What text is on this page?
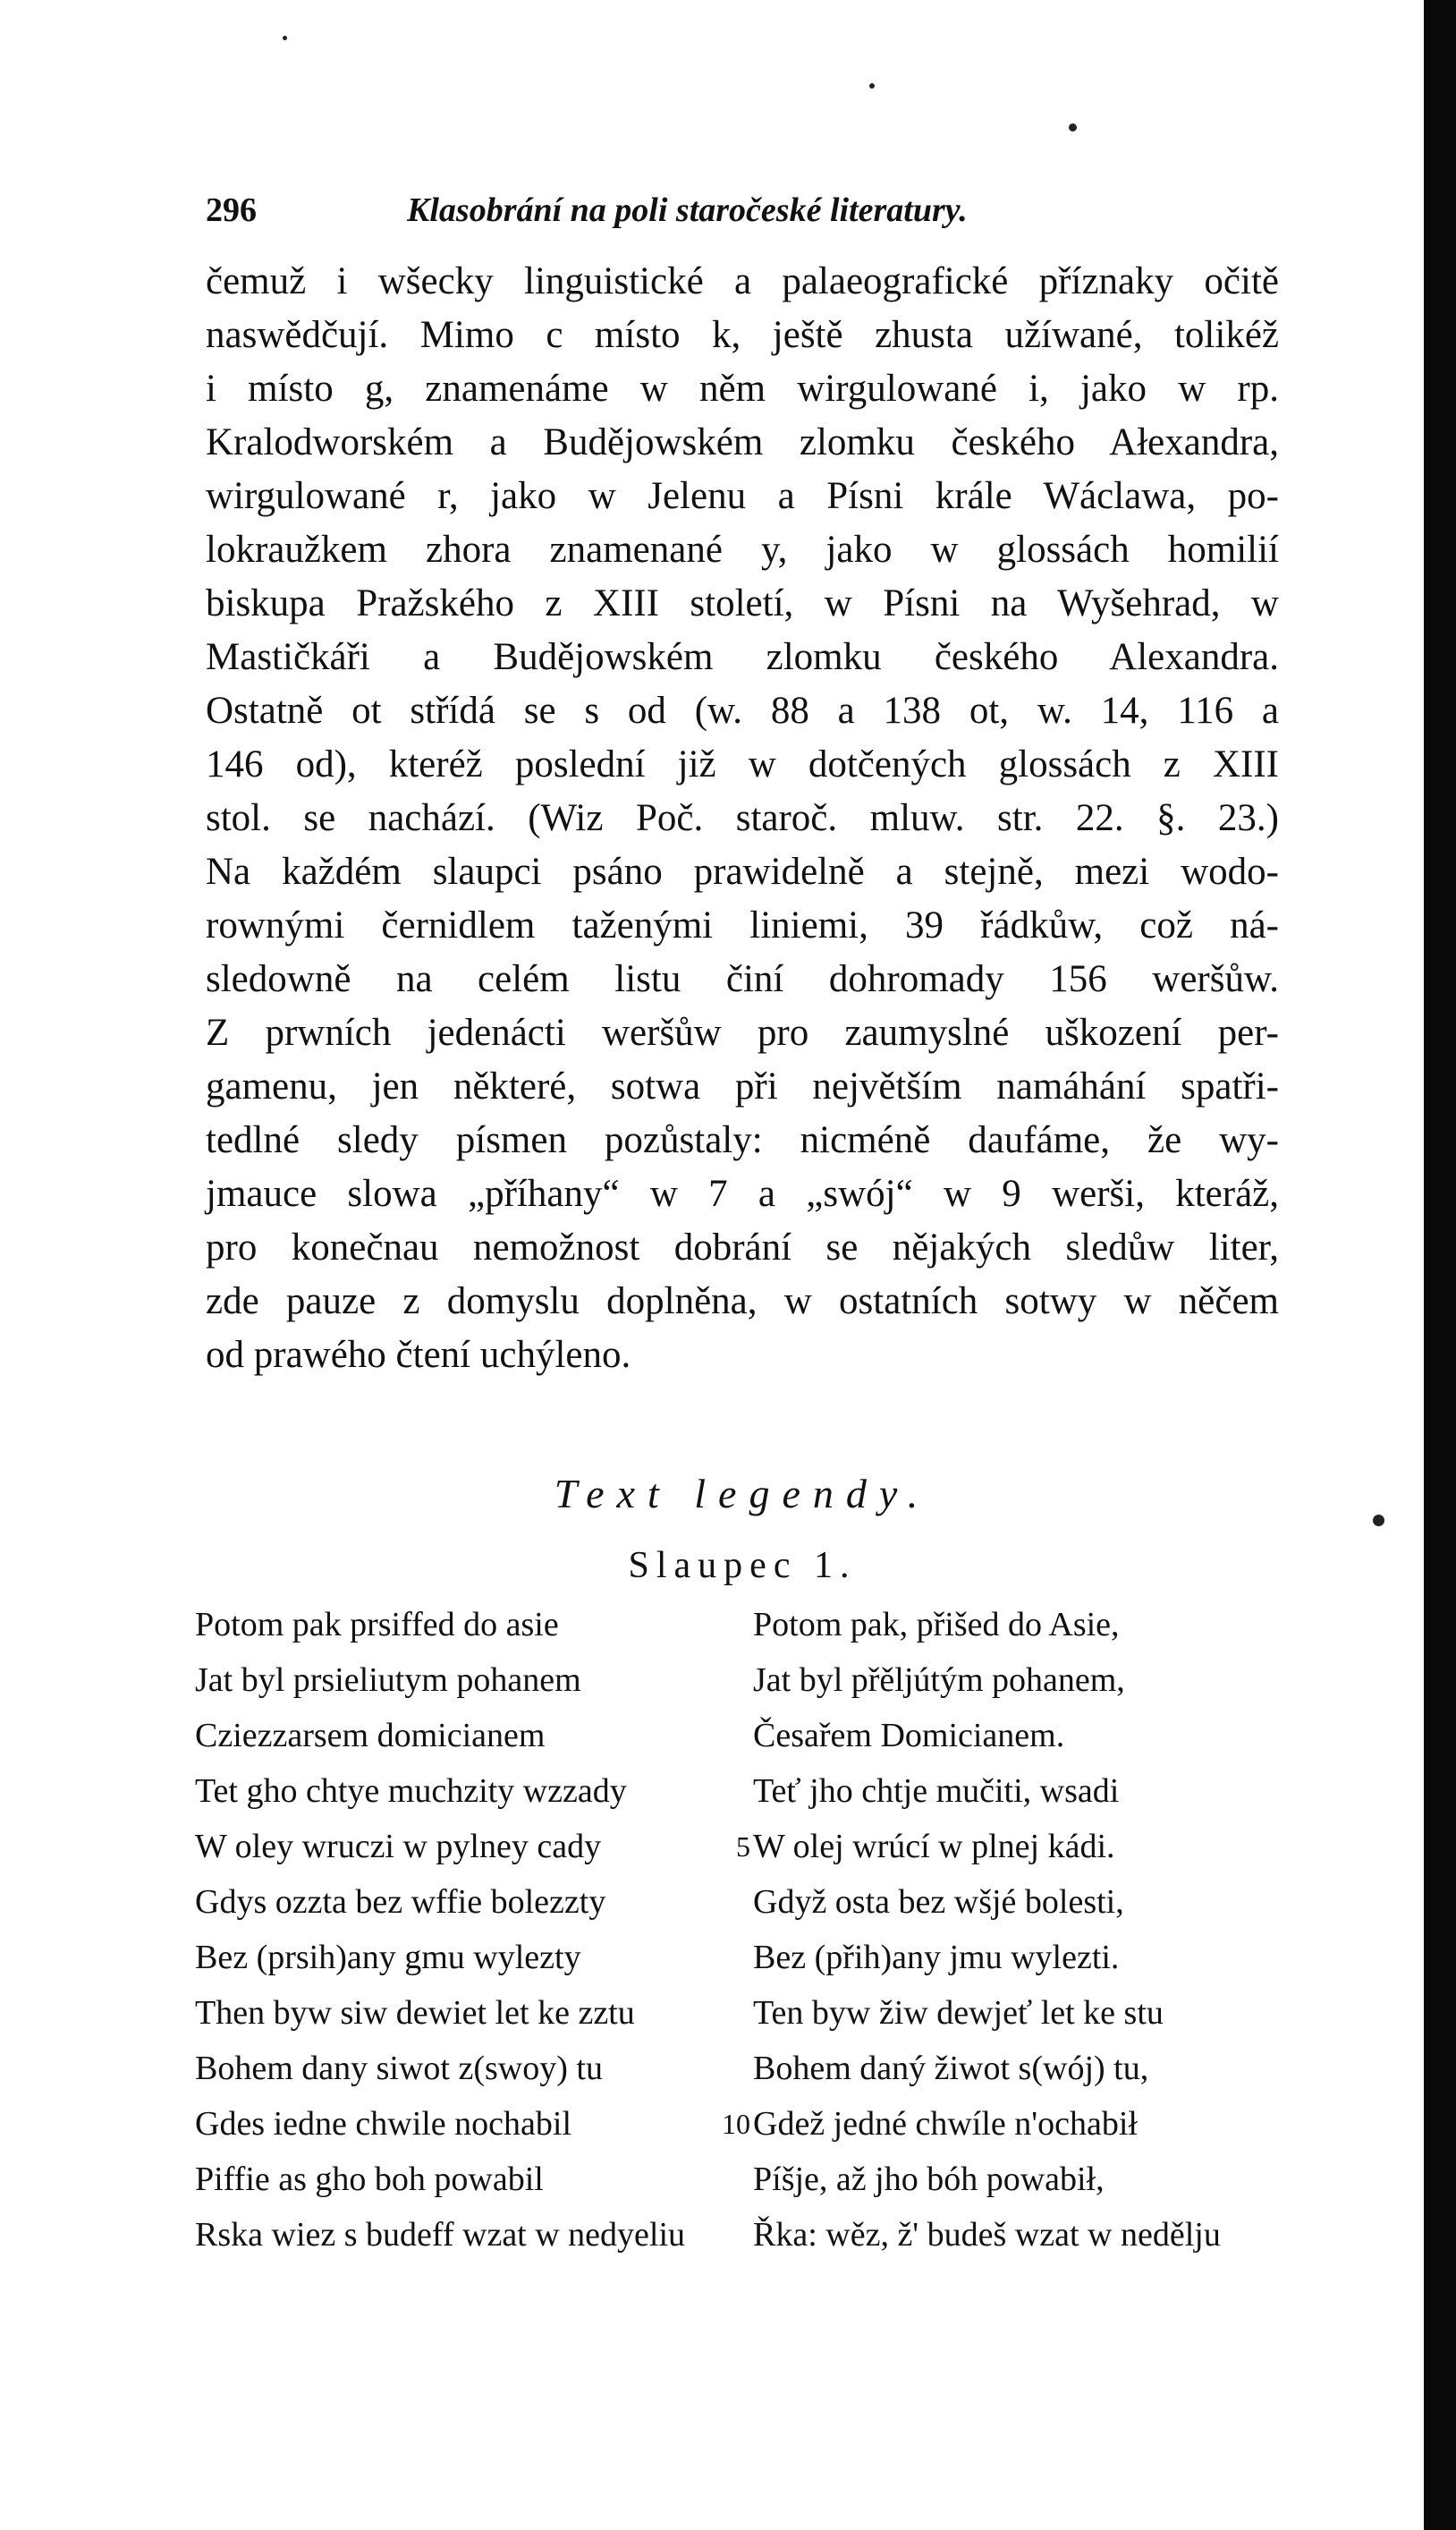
296	Klasobrání na poli staročeské literatury.
čemuž i wšecky linguistické a palaeografické příznaky očitě
naswědčují. Mimo c místo k, ještě zhusta užíwané, tolikéž
i místo g, znamenáme w něm wirgulowané i, jako w rp.
Kralodworském a Budějowském zlomku českého Ałexandra,
wirgulowané r, jako w Jelenu a Písni krále Wáclawa, po-
lokraužkem zhora znamenané y, jako w glossách homilií
biskupa Pražského z XIII století, w Písni na Wyšehrad, w
Mastičkáři a Budějowském zlomku českého Alexandra.
Ostatně ot střídá se s od (w. 88 a 138 ot, w. 14, 116 a
146 od), kteréž poslední již w dotčených glossách z XIII
stol. se nachází. (Wiz Poč. staroč. mluw. str. 22. §. 23.)
Na každém slaupci psáno prawidelně a stejně, mezi wodo-
rownými černidlem taženými liniemi, 39 řádkůw, což ná-
sledowně na celém listu činí dohromady 156 weršůw.
Z prwních jedenácti weršůw pro zaumyslné uškození per-
gamenu, jen některé, sotwa při největším namáhání spatři-
tedlné sledy písmen pozůstaly: nicméně daufáme, že wy-
jmauce slowa „příhany“ w 7 a „swój“ w 9 werši, kteráž,
pro konečnau nemožnost dobrání se nějakých sledůw liter,
zde pauze z domyslu doplněna, w ostatních sotwy w něčem
od prawého čtení uchýleno.
Text legendy.
Slaupec 1.
Potom pak prsiffed do asie	Potom pak, přišed do Asie,
Jat byl prsieliutym pohanem	Jat byl přěljútým pohanem,
Cziezzarsem domicianem	Česařem Domicianem.
Tet gho chtye muchzity wzzady	Teť jho chtje mučiti, wsadi
W oley wruczi w pylney cady	5 W olej wrúcí w plnej kádi.
Gdys ozzta bez wffie bolezzty	Gdyž osta bez wšjé bolesti,
Bez (prsih)any gmu wylezty	Bez (přih)any jmu wylezti.
Then byw siw dewiet let ke zztu	Ten byw žiw dewjeť let ke stu
Bohem dany siwot z(swoy) tu	Bohem daný žiwot s(wój) tu,
Gdes iedne chwile nochabil	10 Gdež jedné chwíle n'ochabił
Piffie as gho boh powabil	Píšje, až jho bóh powabił,
Rska wiez s budeff wzat w nedyeliu	Řka: wěz, ž' budeš wzat w nedělju
